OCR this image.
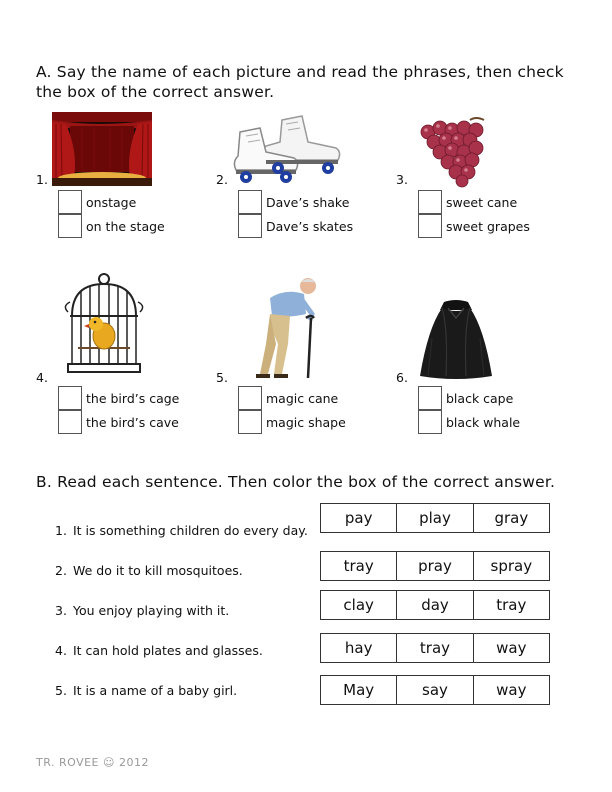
A. Say the name of each picture and read the phrases, then check the box of the correct answer.
1.
onstage
on the stage
2.
Dave’s shake
Dave’s skates
3.
sweet cane
sweet grapes
4.
the bird’s cage
the bird’s cave
5.
magic cane
magic shape
6.
black cape
black whale
B. Read each sentence. Then color the box of the correct answer.
1. It is something children do every day.
pay	play	gray
2. We do it to kill mosquitoes.	tray	pray	spray
3. You enjoy playing with it.	clay	day	tray
4. It can hold plates and glasses.	hay	tray	way
5. It is a name of a baby girl.	May	say	way
TR. ROVEE ☺ 2012
